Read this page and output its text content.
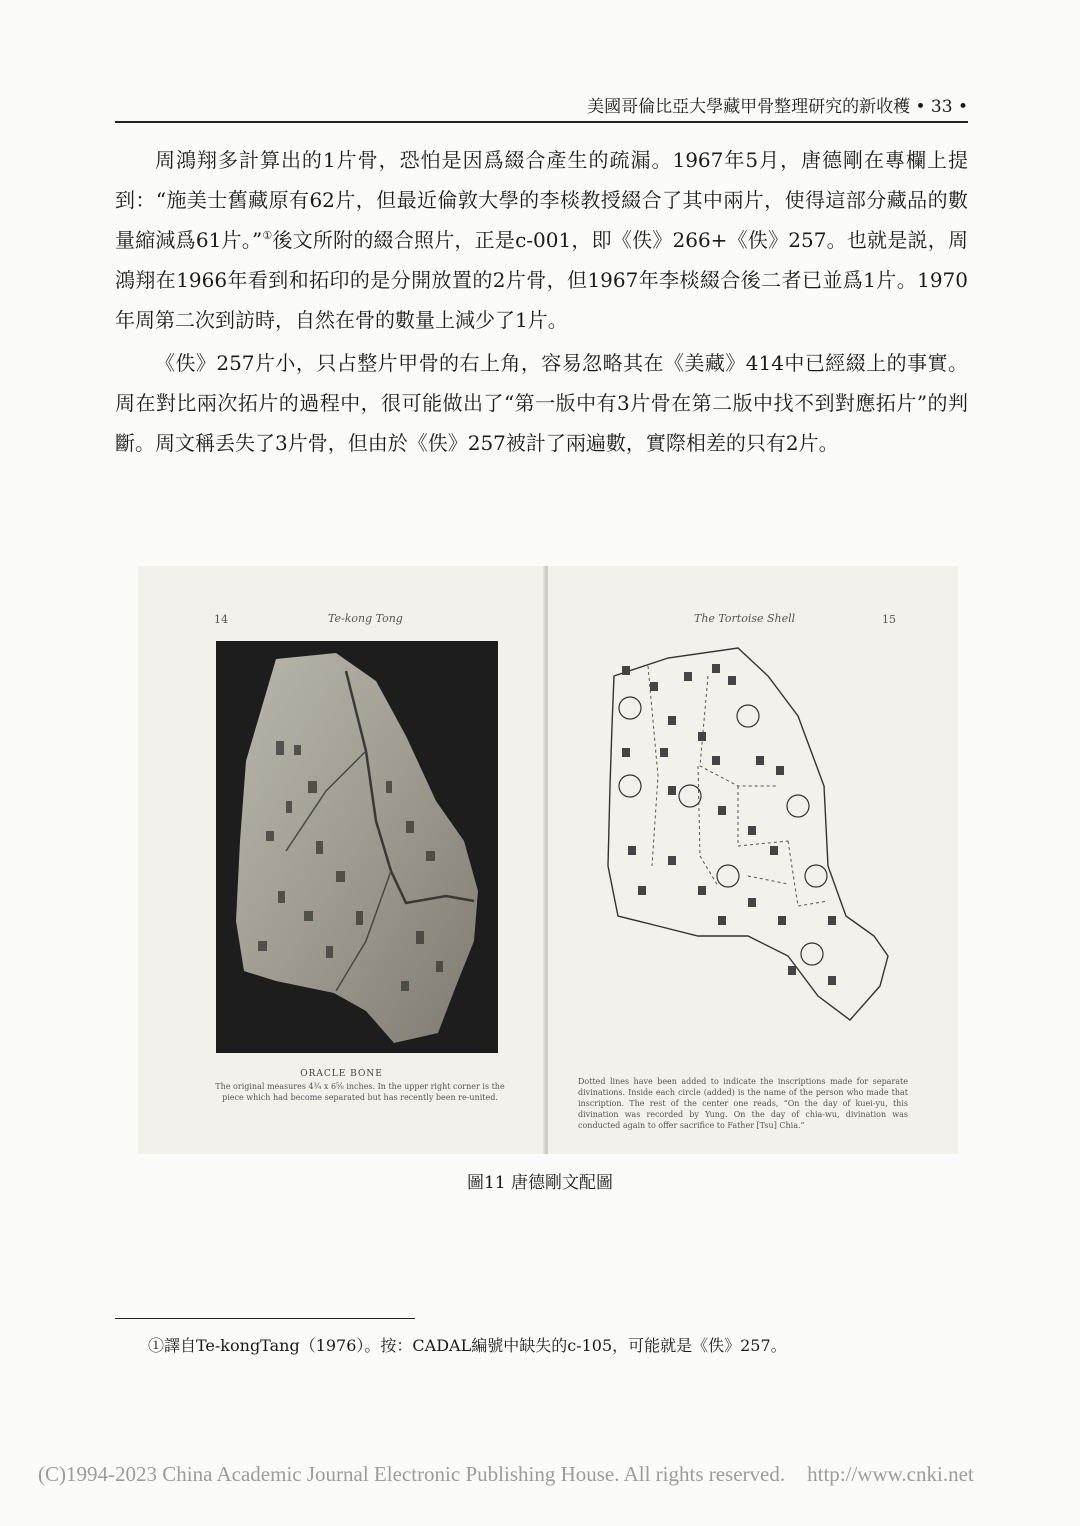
美國哥倫比亞大學藏甲骨整理研究的新收穫 • 33 •

周鴻翔多計算出的1片骨，恐怕是因爲綴合產生的疏漏。1967年5月，唐德剛在專欄上提到：“施美士舊藏原有62片，但最近倫敦大學的李棪教授綴合了其中兩片，使得這部分藏品的數量縮減爲61片。”①後文所附的綴合照片，正是c-001，即《佚》266+《佚》257。也就是説，周鴻翔在1966年看到和拓印的是分開放置的2片骨，但1967年李棪綴合後二者已並爲1片。1970年周第二次到訪時，自然在骨的數量上減少了1片。

《佚》257片小，只占整片甲骨的右上角，容易忽略其在《美藏》414中已經綴上的事實。周在對比兩次拓片的過程中，很可能做出了“第一版中有3片骨在第二版中找不到對應拓片”的判斷。周文稱丢失了3片骨，但由於《佚》257被計了兩遍數，實際相差的只有2片。

14	Te-kong Tong
ORACLE BONE
The original measures 4¾ x 6⅝ inches. In the upper right corner is the piece which had become separated but has recently been re-united.
The Tortoise Shell	15
Dotted lines have been added to indicate the inscriptions made for separate divinations. Inside each circle (added) is the name of the person who made that inscription. The rest of the center one reads, “On the day of kuei-yu, this divination was recorded by Yung. On the day of chia-wu, divination was conducted again to offer sacrifice to Father [Tsu] Chia.”
圖11 唐德剛文配圖
①譯自Te-kongTang（1976）。按：CADAL編號中缺失的c-105，可能就是《佚》257。
(C)1994-2023 China Academic Journal Electronic Publishing House. All rights reserved. http://www.cnki.net
